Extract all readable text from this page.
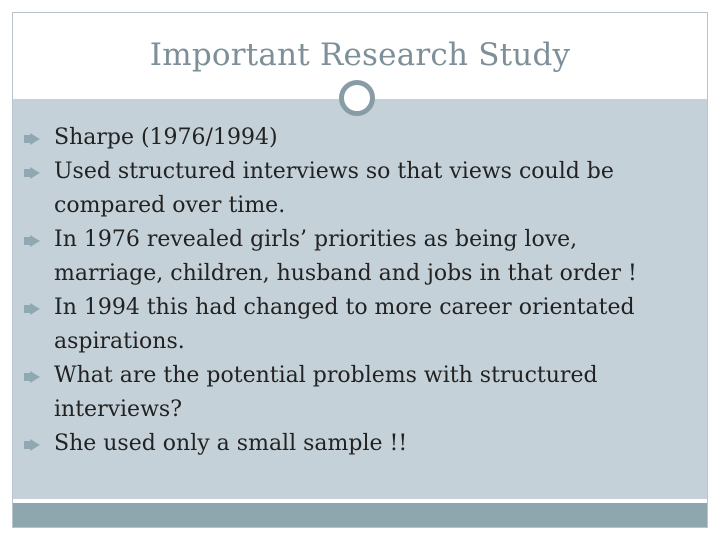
Important Research Study
Sharpe (1976/1994)
Used structured interviews so that views could be compared over time.
In 1976 revealed girls’ priorities as being love, marriage, children, husband and jobs in that order !
In 1994 this had changed to more career orientated aspirations.
What are the potential problems with structured interviews?
She used only a small sample !!
